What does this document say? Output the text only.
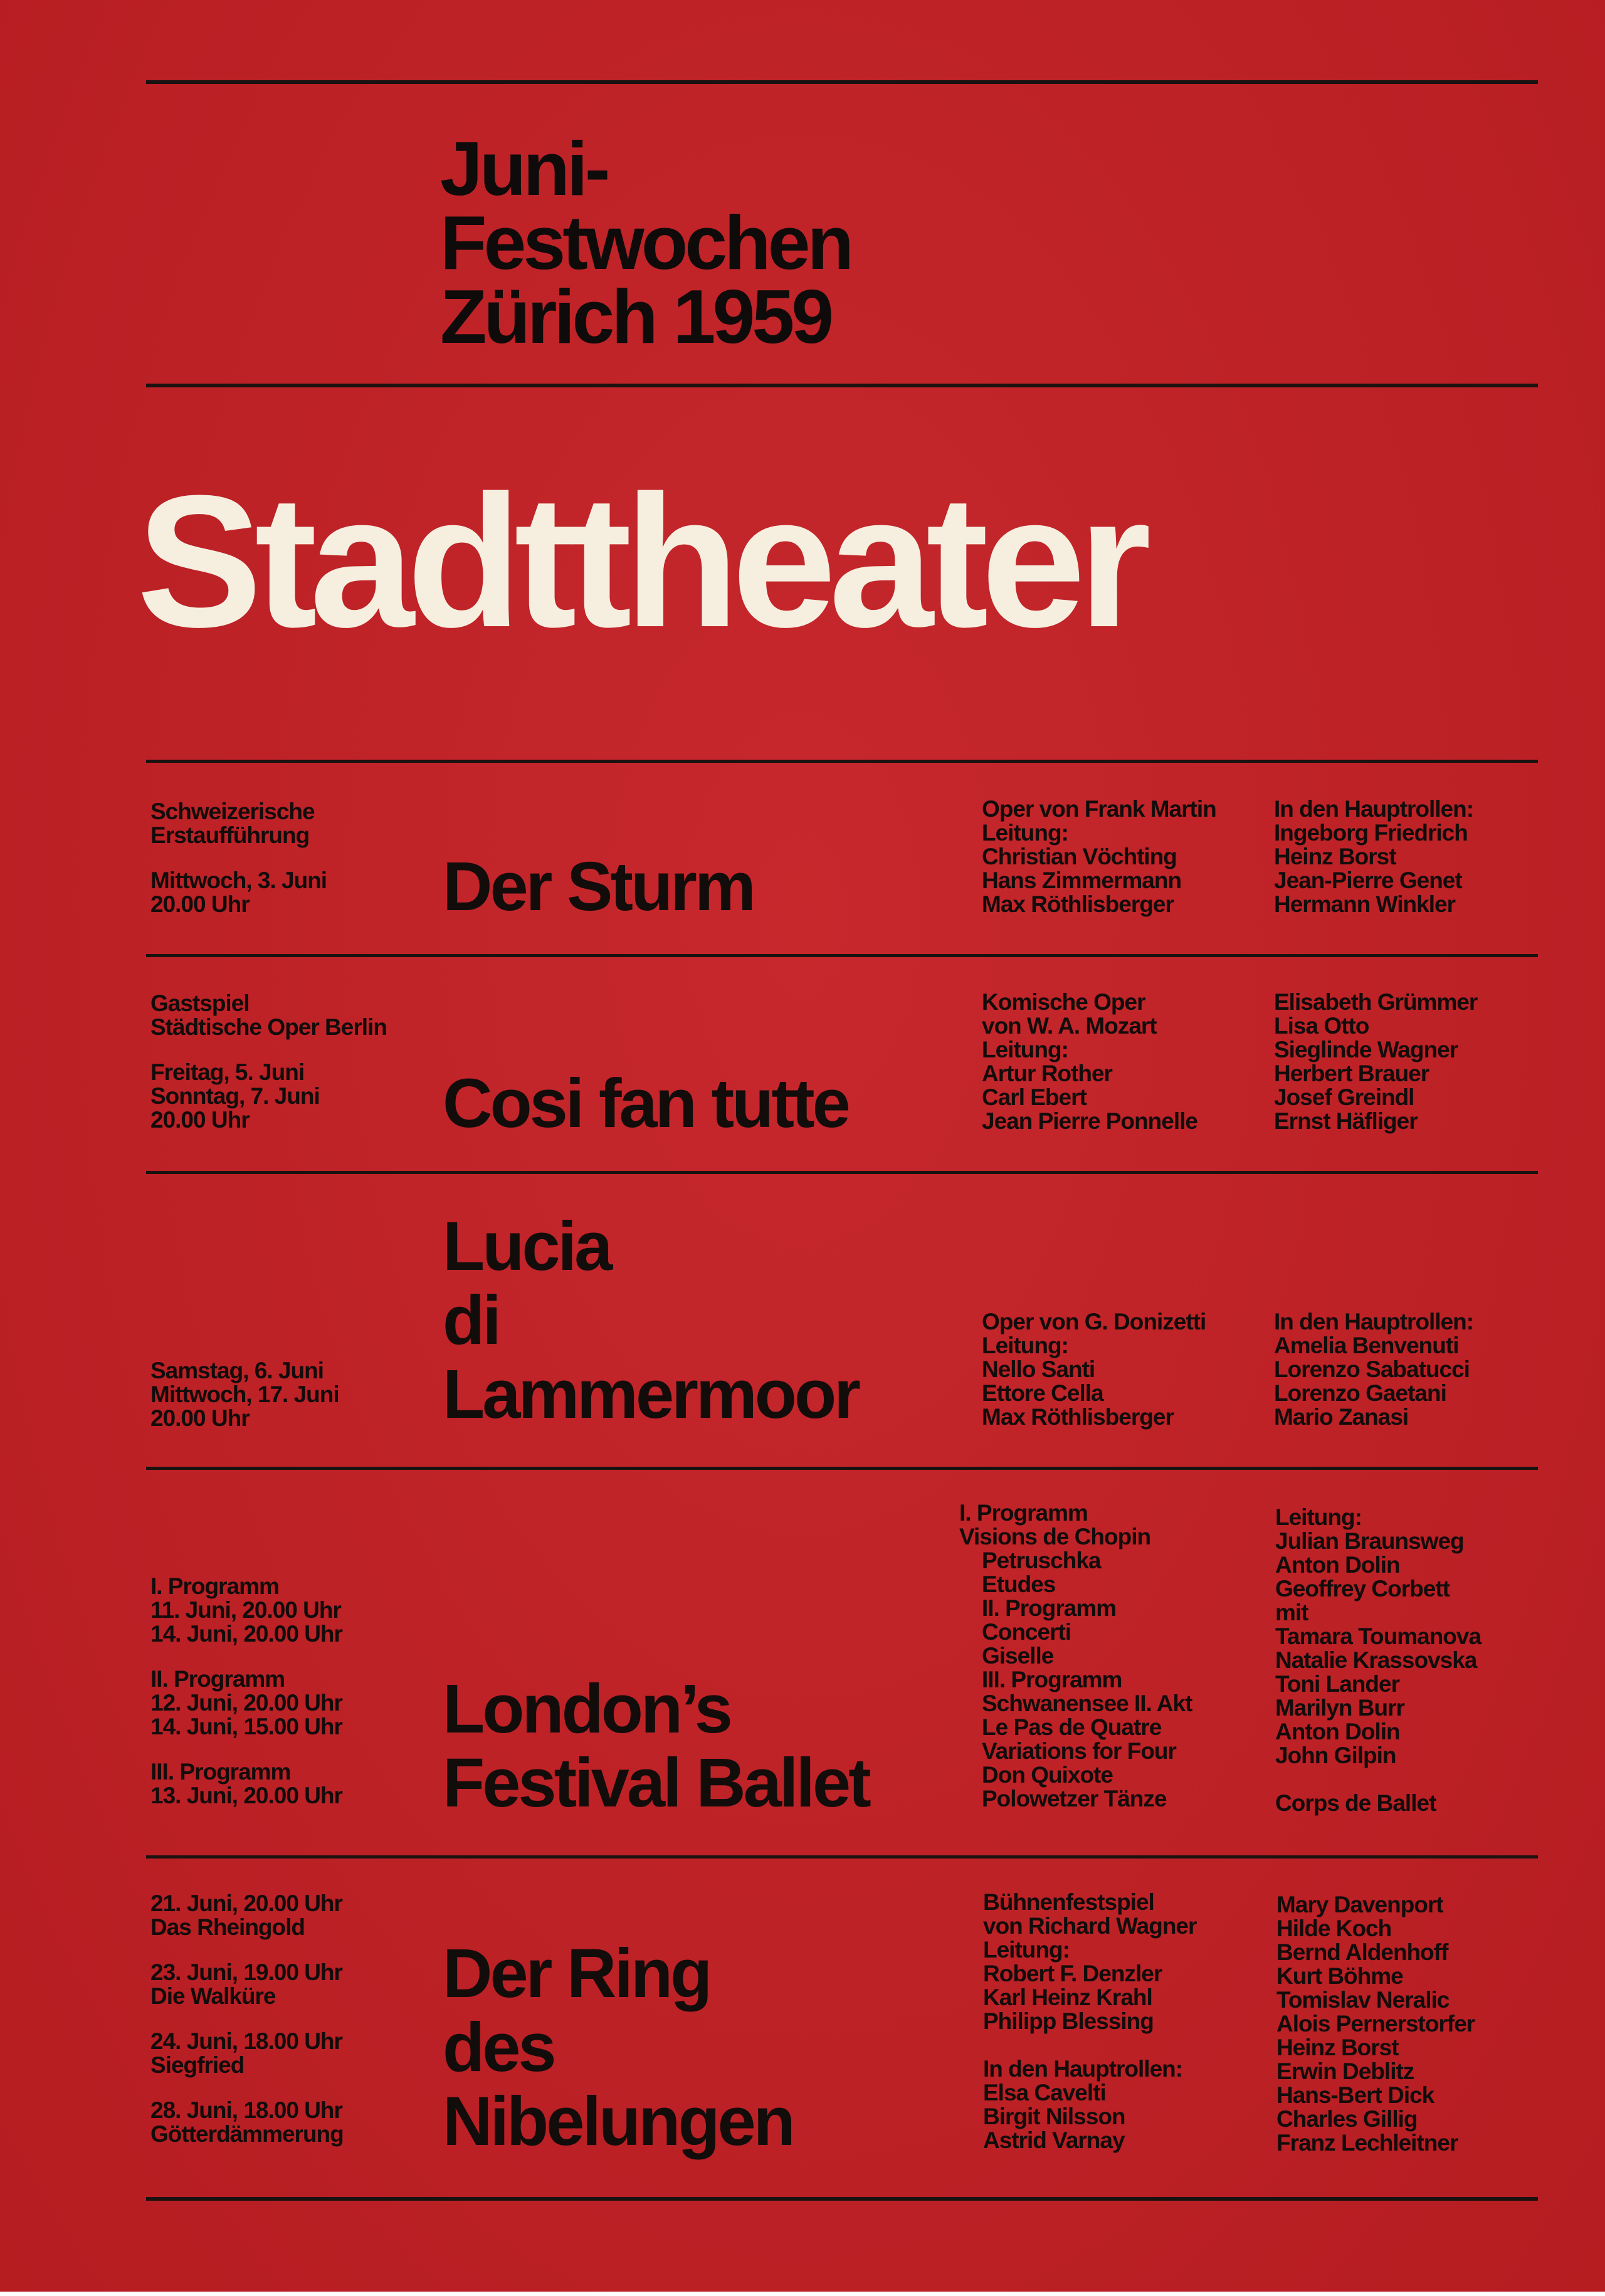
Juni-
Festwochen
Zürich 1959
Stadttheater
Schweizerische
Erstaufführung
Mittwoch, 3. Juni
20.00 Uhr	Der Sturm
Oper von Frank Martin
Leitung:
Christian Vöchting
Hans Zimmermann
Max Röthlisberger
In den Hauptrollen:
Ingeborg Friedrich
Heinz Borst
Jean-Pierre Genet
Hermann Winkler
Gastspiel
Städtische Oper Berlin
Freitag, 5. Juni
Sonntag, 7. Juni
20.00 Uhr	Cosi fan tutte
Komische Oper
von W. A. Mozart
Leitung:
Artur Rother
Carl Ebert
Jean Pierre Ponnelle
Elisabeth Grümmer
Lisa Otto
Sieglinde Wagner
Herbert Brauer
Josef Greindl
Ernst Häfliger
Samstag, 6. Juni
Mittwoch, 17. Juni
20.00 Uhr
Lucia
di
Lammermoor
Oper von G. Donizetti
Leitung:
Nello Santi
Ettore Cella
Max Röthlisberger
In den Hauptrollen:
Amelia Benvenuti
Lorenzo Sabatucci
Lorenzo Gaetani
Mario Zanasi
I. Programm
11. Juni, 20.00 Uhr
14. Juni, 20.00 Uhr
II. Programm
12. Juni, 20.00 Uhr
14. Juni, 15.00 Uhr
III. Programm
13. Juni, 20.00 Uhr
London’s
Festival Ballet
I. Programm
Visions de Chopin
Petruschka
Etudes
II. Programm
Concerti
Giselle
III. Programm
Schwanensee II. Akt
Le Pas de Quatre
Variations for Four
Don Quixote
Polowetzer Tänze
Leitung:
Julian Braunsweg
Anton Dolin
Geoffrey Corbett
mit
Tamara Toumanova
Natalie Krassovska
Toni Lander
Marilyn Burr
Anton Dolin
John Gilpin
Corps de Ballet
21. Juni, 20.00 Uhr
Das Rheingold
23. Juni, 19.00 Uhr
Die Walküre
24. Juni, 18.00 Uhr
Siegfried
28. Juni, 18.00 Uhr
Götterdämmerung
Der Ring
des
Nibelungen
Bühnenfestspiel
von Richard Wagner
Leitung:
Robert F. Denzler
Karl Heinz Krahl
Philipp Blessing
In den Hauptrollen:
Elsa Cavelti
Birgit Nilsson
Astrid Varnay
Mary Davenport
Hilde Koch
Bernd Aldenhoff
Kurt Böhme
Tomislav Neralic
Alois Pernerstorfer
Heinz Borst
Erwin Deblitz
Hans-Bert Dick
Charles Gillig
Franz Lechleitner
